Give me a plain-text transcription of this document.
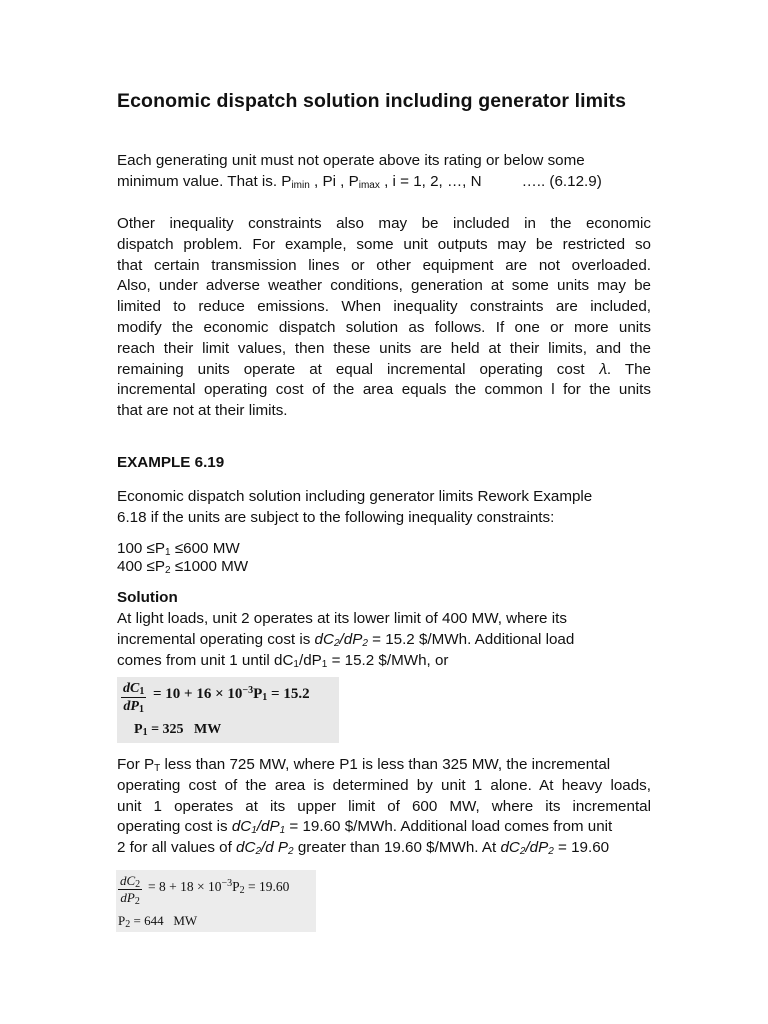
Economic dispatch solution including generator limits
Each generating unit must not operate above its rating or below some
minimum value. That is. $P_{imin}$ , Pi , $P_{imax}$ , i = 1, 2, …, N	….. (6.12.9)
Other inequality constraints also may be included in the economic
dispatch problem. For example, some unit outputs may be restricted so
that certain transmission lines or other equipment are not overloaded.
Also, under adverse weather conditions, generation at some units may be
limited to reduce emissions. When inequality constraints are included,
modify the economic dispatch solution as follows. If one or more units
reach their limit values, then these units are held at their limits, and the
remaining units operate at equal incremental operating cost 𝜆. The
incremental operating cost of the area equals the common l for the units
that are not at their limits.
EXAMPLE 6.19
Economic dispatch solution including generator limits Rework Example
6.18 if the units are subject to the following inequality constraints:
$100 \le P_1 \le 600$ MW
$400 \le P_2 \le 1000$ MW
Solution
At light loads, unit 2 operates at its lower limit of 400 MW, where its
incremental operating cost is $dC_2/dP_2 = 15.2$ $/MWh. Additional load
comes from unit 1 until $dC_1/dP_1 = 15.2$ $/MWh, or
$\frac{dC_1}{dP_1} = 10 + 16 \times 10^{-3}P_1 = 15.2$
$P_1 = 325$   MW
For $P_T$ less than 725 MW, where P1 is less than 325 MW, the incremental
operating cost of the area is determined by unit 1 alone. At heavy loads,
unit 1 operates at its upper limit of 600 MW, where its incremental
operating cost is $dC_1/dP_1 = 19.60$ $/MWh. Additional load comes from unit
2 for all values of $dC_2/d$ $P_2$ greater than 19.60 $/MWh. At $dC_2/dP_2 = 19.60$
$\frac{dC_2}{dP_2} = 8 + 18 \times 10^{-3}P_2 = 19.60$
$P_2 = 644$   MW
